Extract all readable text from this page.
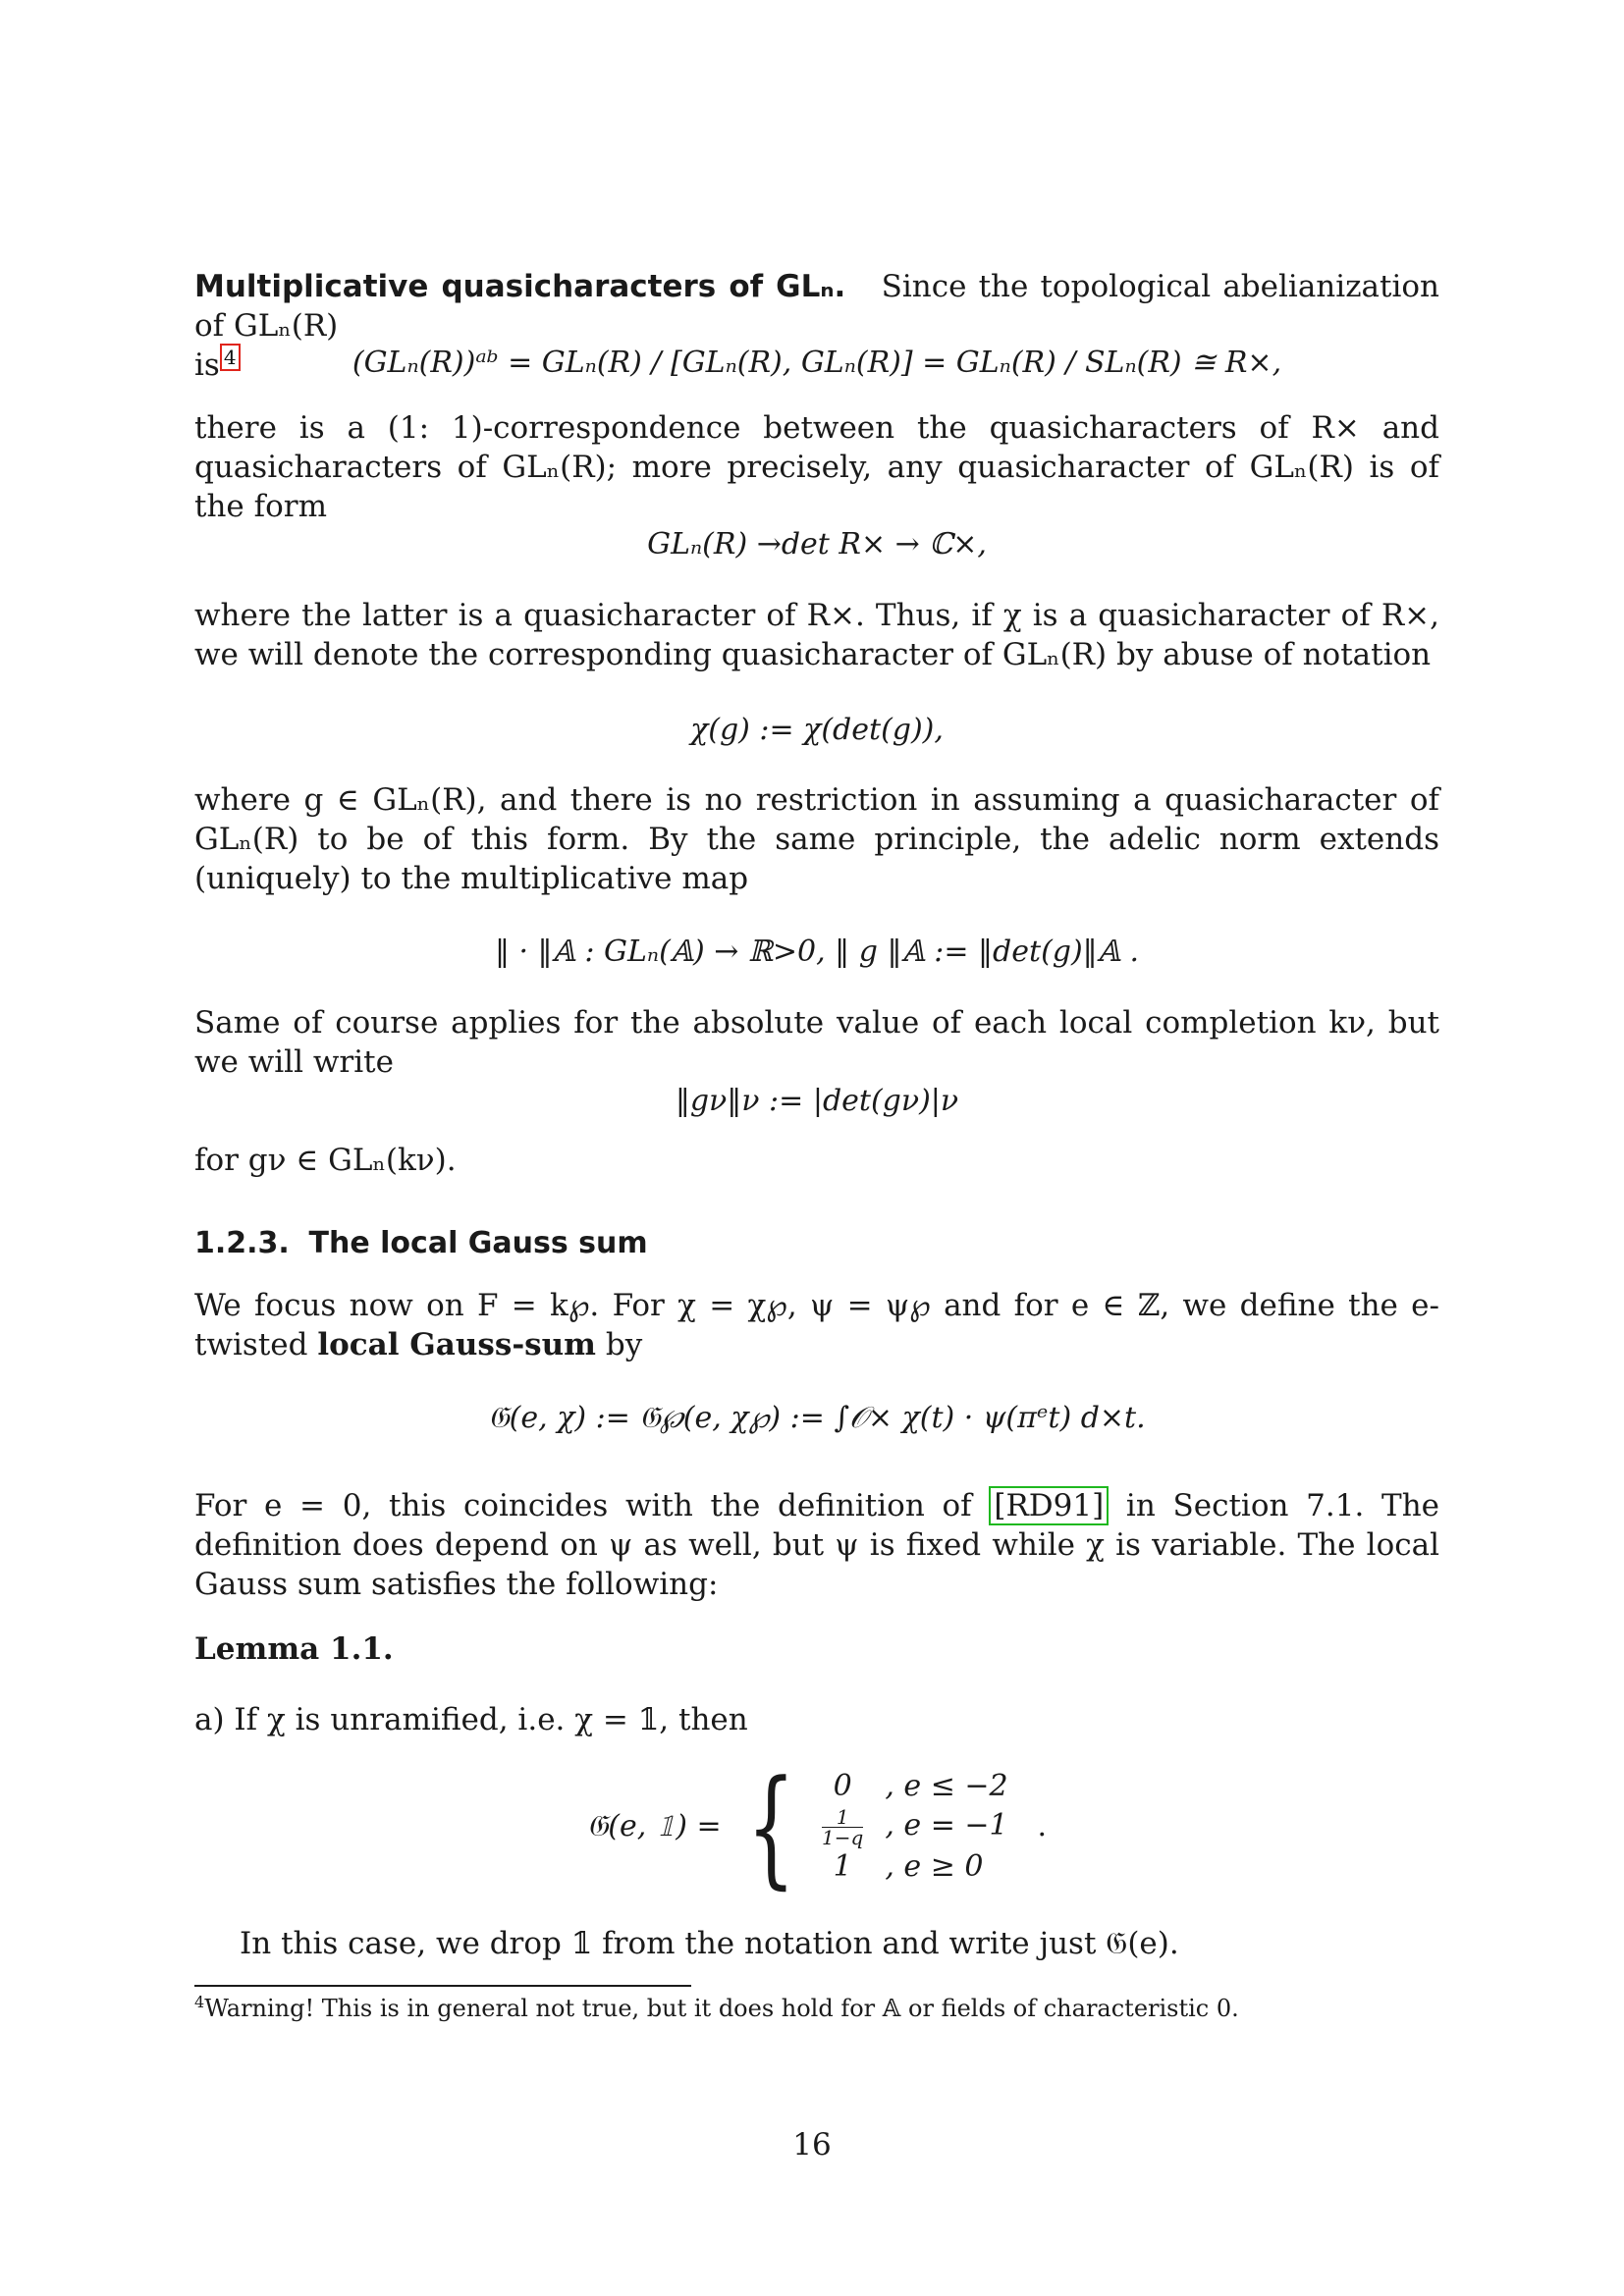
Multiplicative quasicharacters of GLₙ. Since the topological abelianization of GLₙ(R)
is $^4$	(GLₙ(R))ᵃᵇ = GLₙ(R) ∕ [GLₙ(R), GLₙ(R)] = GLₙ(R) ∕ SLₙ(R) ≅ R×,

there is a (1: 1)-correspondence between the quasicharacters of R× and quasicharacters of GLₙ(R); more precisely, any quasicharacter of GLₙ(R) is of the form

GLₙ(R) →det R× → ℂ×,

where the latter is a quasicharacter of R×. Thus, if χ is a quasicharacter of R×, we will denote the corresponding quasicharacter of GLₙ(R) by abuse of notation

χ(g) := χ(det(g)),

where g ∈ GLₙ(R), and there is no restriction in assuming a quasicharacter of GLₙ(R) to be of this form. By the same principle, the adelic norm extends (uniquely) to the multiplicative map

‖ · ‖𝔸 : GLₙ(𝔸) → ℝ>0, ‖ g ‖𝔸 := ‖det(g)‖𝔸 .

Same of course applies for the absolute value of each local completion kν, but we will write

‖gν‖ν := |det(gν)|ν

for gν ∈ GLₙ(kν).

1.2.3. The local Gauss sum

We focus now on F = k℘. For χ = χ℘, ψ = ψ℘ and for e ∈ ℤ, we define the e-twisted local Gauss-sum by

𝔊(e, χ) := 𝔊℘(e, χ℘) := ∫𝒪× χ(t) · ψ(πᵉt) d×t.

For e = 0, this coincides with the definition of [RD91] in Section 7.1. The definition does depend on ψ as well, but ψ is fixed while χ is variable. The local Gauss sum satisfies the following:

Lemma 1.1.

a) If χ is unramified, i.e. χ = 𝟙, then

𝔊(e, 𝟙) = { 0	, e ≤ −2

$\frac{1}{1-q}$	, e = −1
1	, e ≥ 0 .

In this case, we drop 𝟙 from the notation and write just 𝔊(e).

$^4$Warning! This is in general not true, but it does hold for 𝔸 or fields of characteristic 0.
16
